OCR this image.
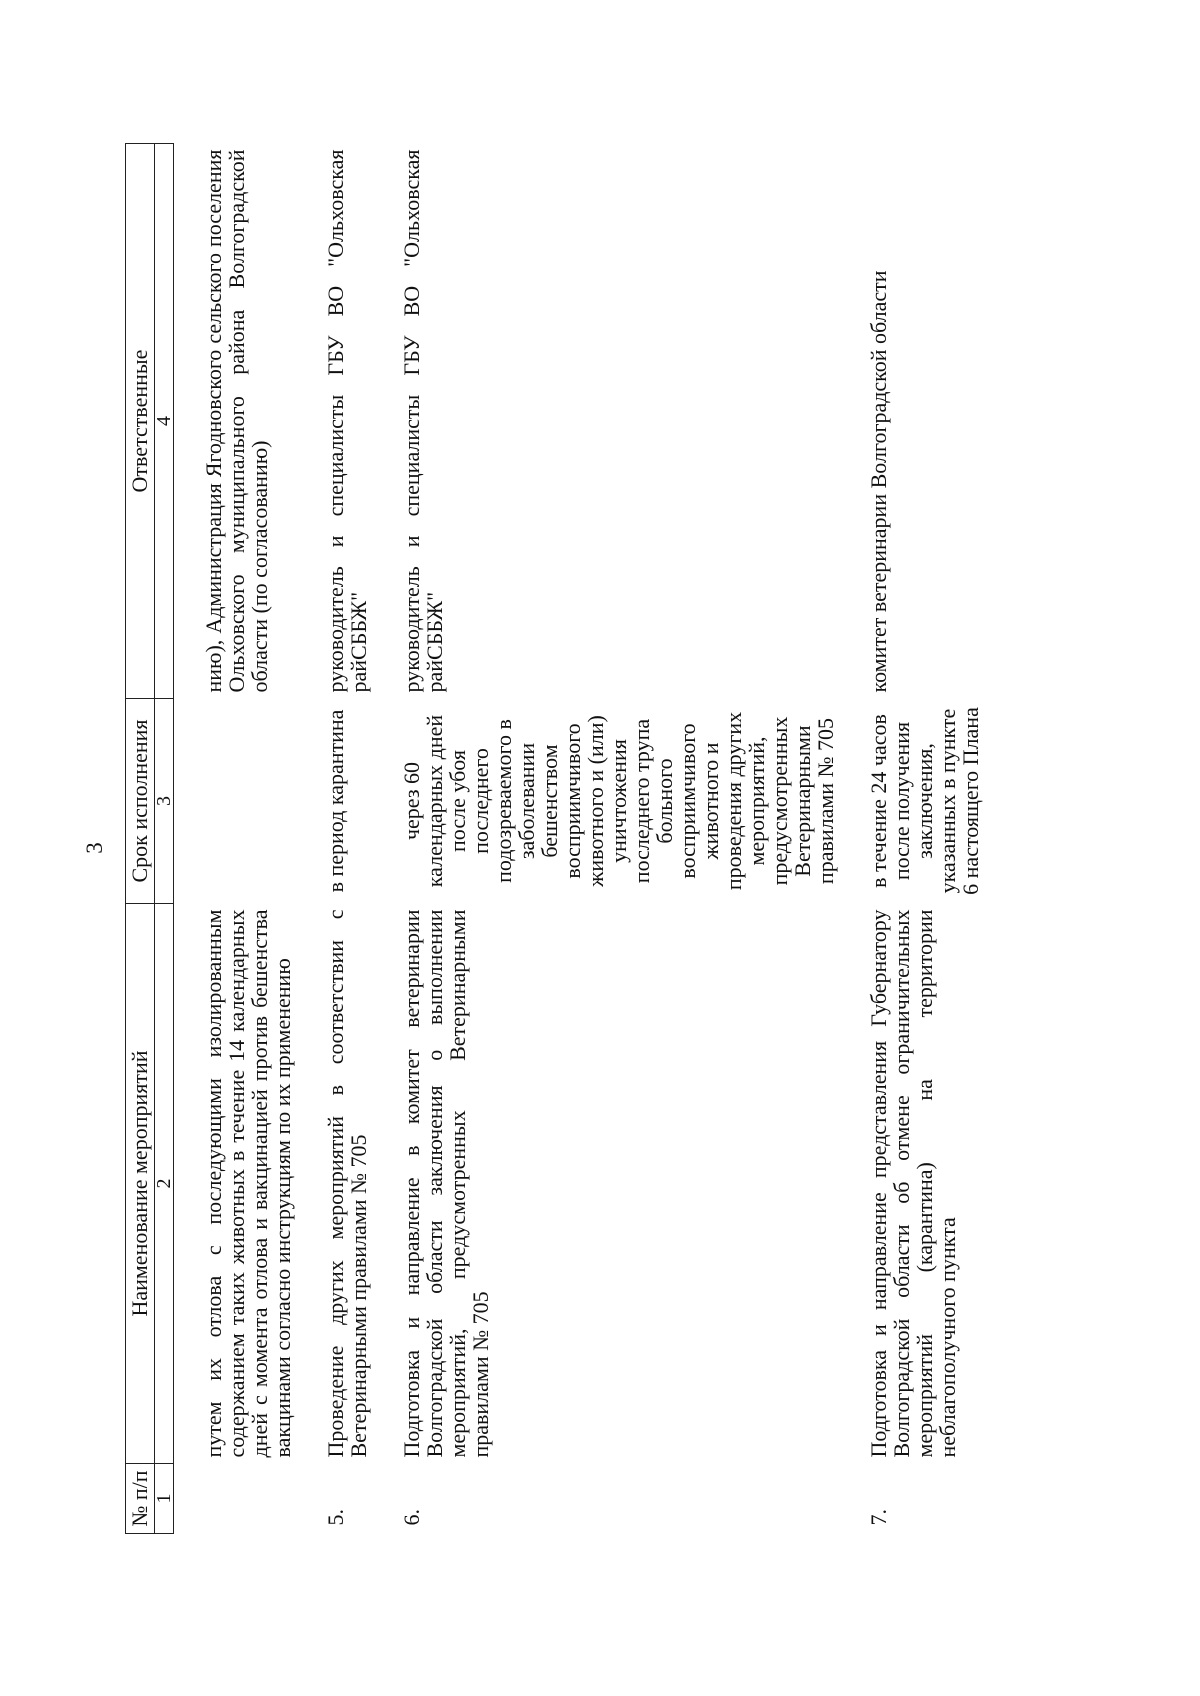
3
№ п/п	Наименование мероприятий	Срок исполнения	Ответственные
1	2	3	4
	путем их отлова с последующими изолированным содержанием таких животных в течение 14 календарных дней с момента отлова и вакцинацией против бешенства вакцинами согласно инструкциям по их применению		нию), Администрация Ягодновского сельского поселения Ольховского муниципального района Волгоградской области (по согласованию)
5.	Проведение других мероприятий в соответствии с Ветеринарными правилами № 705	в период карантина	руководитель и специалисты ГБУ ВО "Ольховская райСББЖ"
6.	Подготовка и направление в комитет ветеринарии Волгоградской области заключения о выполнении мероприятий, предусмотренных Ветеринарными правилами № 705	через 60 календарных дней после убоя последнего подозреваемого в заболевании бешенством восприимчивого животного и (или) уничтожения последнего трупа больного восприимчивого животного и проведения других мероприятий, предусмотренных Ветеринарными правилами № 705	руководитель и специалисты ГБУ ВО "Ольховская райСББЖ"
7.	Подготовка и направление представления Губернатору Волгоградской области об отмене ограничительных мероприятий (карантина) на территории неблагополучного пункта	в течение 24 часов после получения заключения, указанных в пункте 6 настоящего Плана	комитет ветеринарии Волгоградской области
